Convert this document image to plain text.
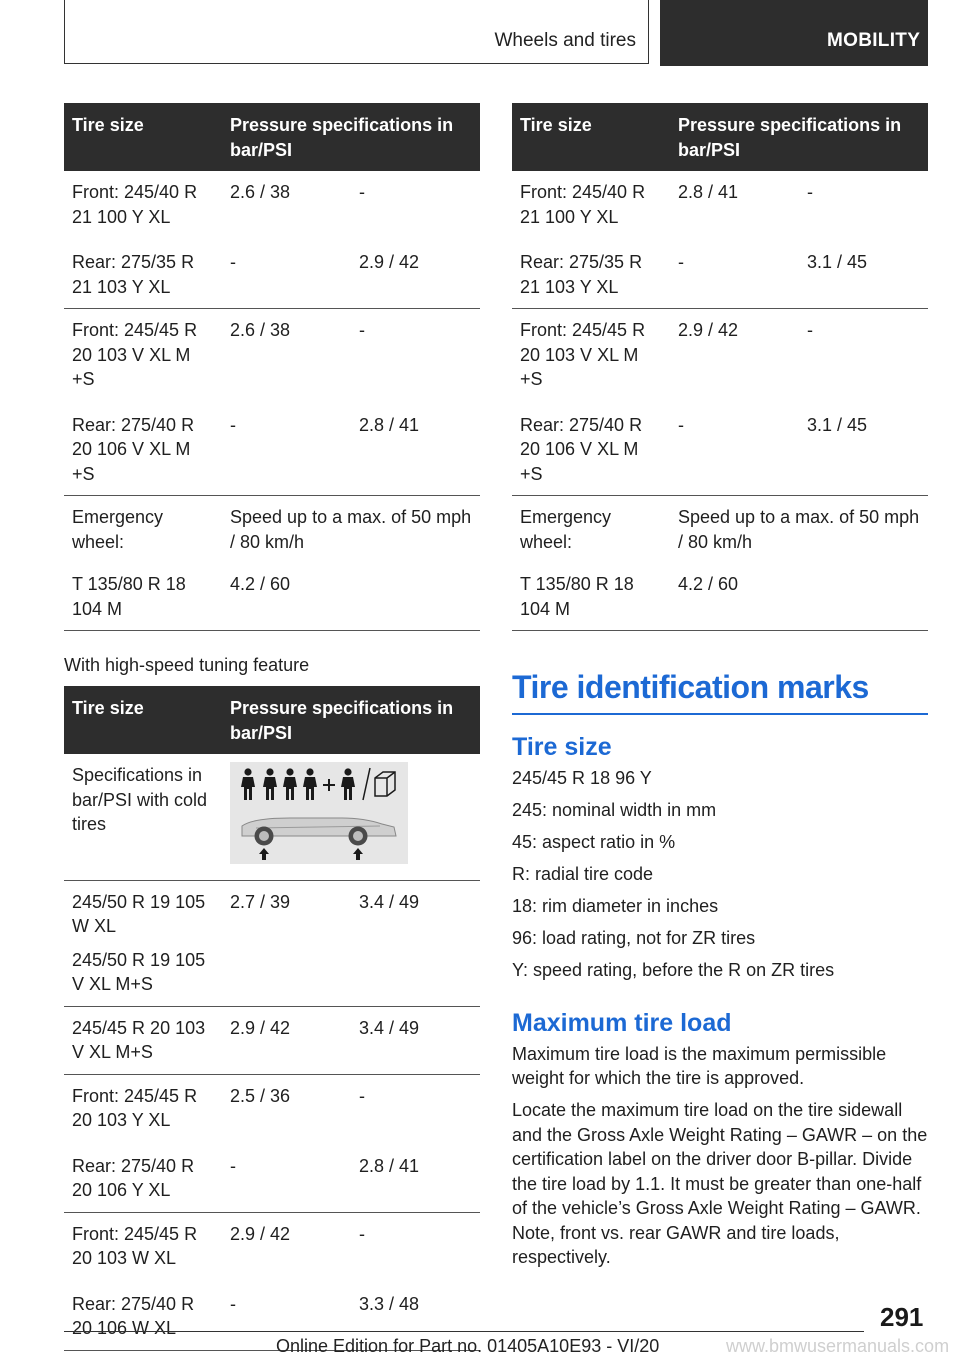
Wheels and tires	MOBILITY
Tire size	Pressure specifications in bar/PSI	
Front: 245/40 R 21 100 Y XL	2.6 / 38	-
Rear: 275/35 R 21 103 Y XL	-	2.9 / 42
Front: 245/45 R 20 103 V XL M +S	2.6 / 38	-
Rear: 275/40 R 20 106 V XL M +S	-	2.8 / 41
Emergency wheel:	Speed up to a max. of 50 mph / 80 km/h	
T 135/80 R 18 104 M	4.2 / 60	
With high-speed tuning feature
Tire size	Pressure specifications in bar/PSI	
Specifications in bar/PSI with cold tires	
245/50 R 19 105 W XL	2.7 / 39	3.4 / 49
245/50 R 19 105 V XL M+S		
245/45 R 20 103 V XL M+S	2.9 / 42	3.4 / 49
Front: 245/45 R 20 103 Y XL	2.5 / 36	-
Rear: 275/40 R 20 106 Y XL	-	2.8 / 41
Front: 245/45 R 20 103 W XL	2.9 / 42	-
Rear: 275/40 R 20 106 W XL	-	3.3 / 48
Tire size	Pressure specifications in bar/PSI	
Front: 245/40 R 21 100 Y XL	2.8 / 41	-
Rear: 275/35 R 21 103 Y XL	-	3.1 / 45
Front: 245/45 R 20 103 V XL M +S	2.9 / 42	-
Rear: 275/40 R 20 106 V XL M +S	-	3.1 / 45
Emergency wheel:	Speed up to a max. of 50 mph / 80 km/h	
T 135/80 R 18 104 M	4.2 / 60	
Tire identification marks
Tire size

245/45 R 18 96 Y

245: nominal width in mm

45: aspect ratio in %

R: radial tire code

18: rim diameter in inches

96: load rating, not for ZR tires

Y: speed rating, before the R on ZR tires

Maximum tire load

Maximum tire load is the maximum permissible weight for which the tire is approved.

Locate the maximum tire load on the tire sidewall and the Gross Axle Weight Rating – GAWR – on the certification label on the driver door B-pillar. Divide the tire load by 1.1. It must be greater than one-half of the vehicle’s Gross Axle Weight Rating – GAWR. Note, front vs. rear GAWR and tire loads, respectively.

291
Online Edition for Part no. 01405A10E93 - VI/20	www.bmwusermanuals.com
